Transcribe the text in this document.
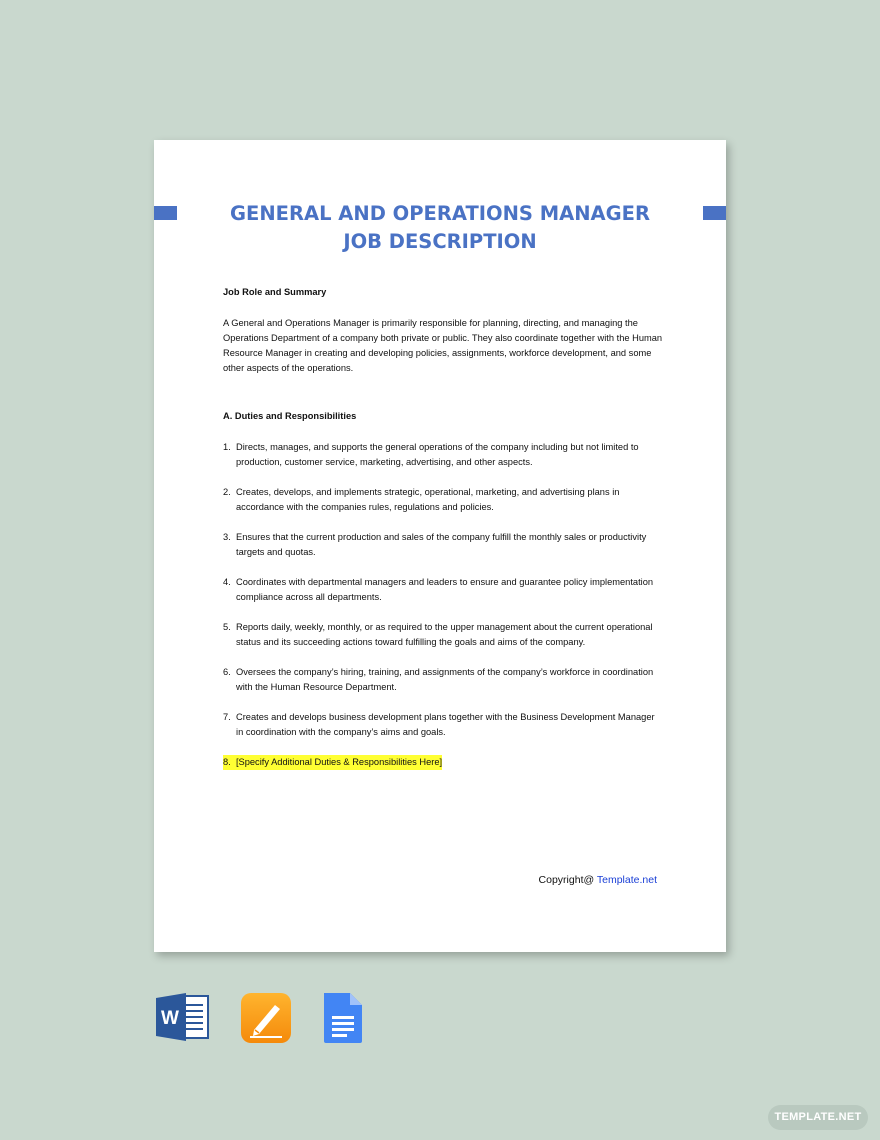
GENERAL AND OPERATIONS MANAGER
JOB DESCRIPTION
Job Role and Summary

A General and Operations Manager is primarily responsible for planning, directing, and managing the Operations Department of a company both private or public. They also coordinate together with the Human Resource Manager in creating and developing policies, assignments, workforce development, and some other aspects of the operations.

A. Duties and Responsibilities
1. Directs, manages, and supports the general operations of the company including but not limited to production, customer service, marketing, advertising, and other aspects.
2. Creates, develops, and implements strategic, operational, marketing, and advertising plans in accordance with the companies rules, regulations and policies.
3. Ensures that the current production and sales of the company fulfill the monthly sales or productivity targets and quotas.
4. Coordinates with departmental managers and leaders to ensure and guarantee policy implementation compliance across all departments.
5. Reports daily, weekly, monthly, or as required to the upper management about the current operational status and its succeeding actions toward fulfilling the goals and aims of the company.
6. Oversees the company’s hiring, training, and assignments of the company’s workforce in coordination with the Human Resource Department.
7. Creates and develops business development plans together with the Business Development Manager in coordination with the company’s aims and goals.
8. [Specify Additional Duties & Responsibilities Here]
Copyright@ Template.net
W
TEMPLATE.NET
